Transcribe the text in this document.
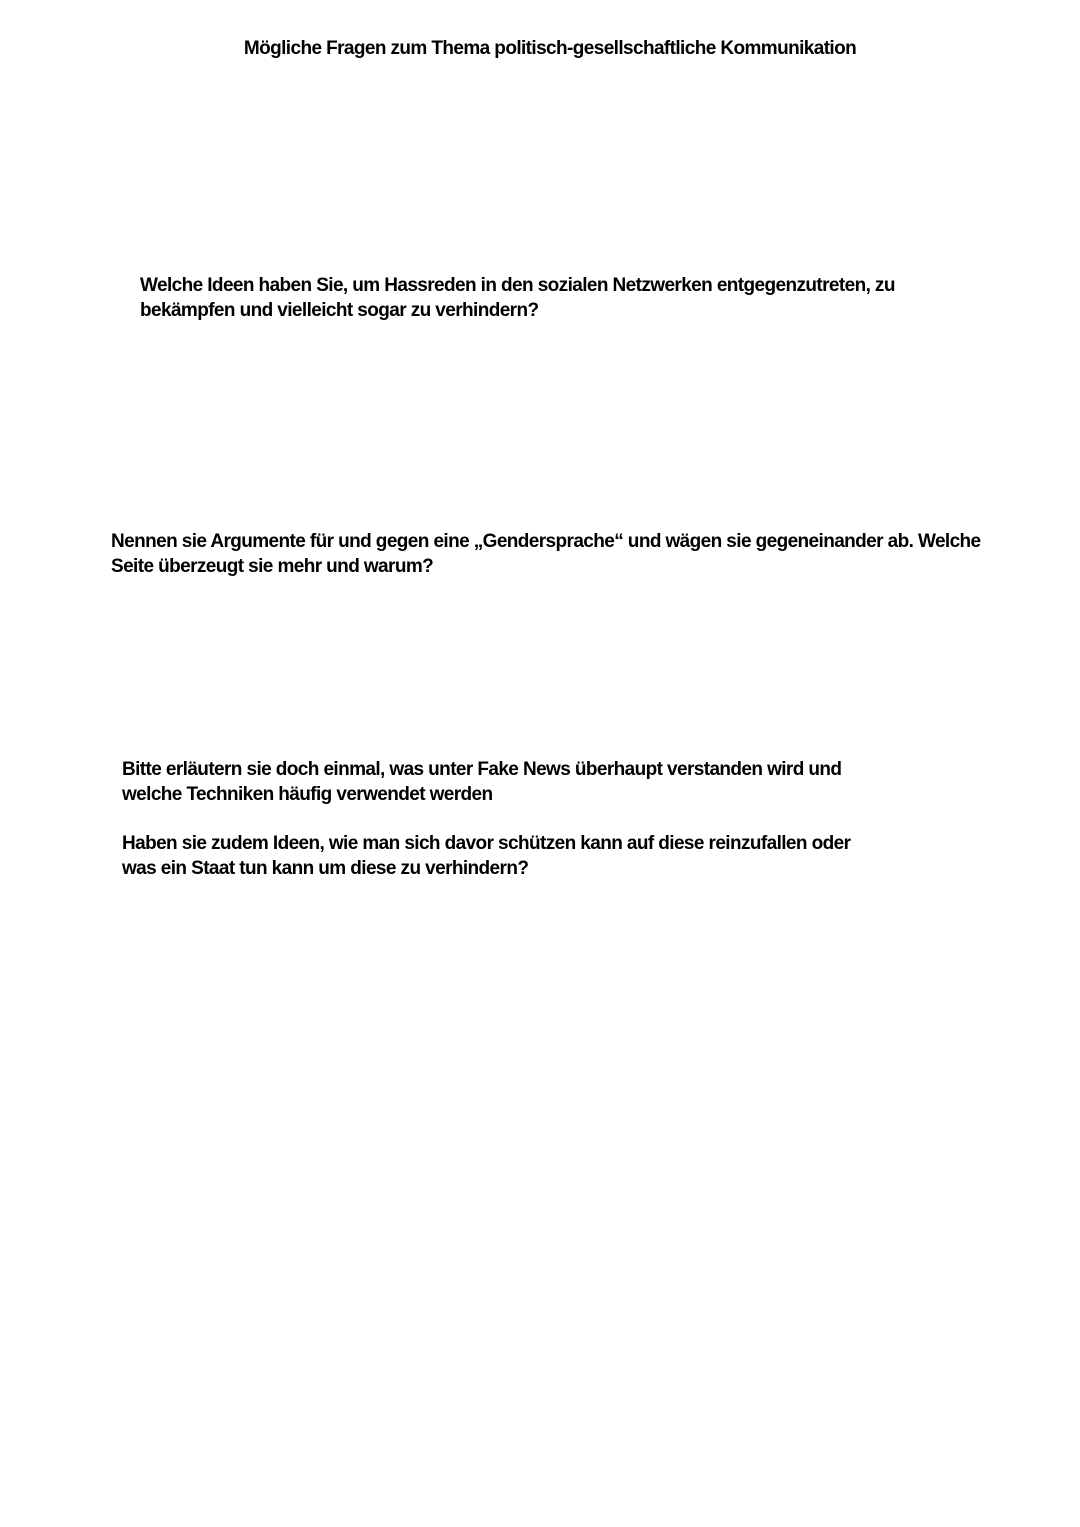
Mögliche Fragen zum Thema politisch-gesellschaftliche Kommunikation

Welche Ideen haben Sie, um Hassreden in den sozialen Netzwerken entgegenzutreten, zu
bekämpfen und vielleicht sogar zu verhindern?

Nennen sie Argumente für und gegen eine „Gendersprache“ und wägen sie gegeneinander ab. Welche
Seite überzeugt sie mehr und warum?

Bitte erläutern sie doch einmal, was unter Fake News überhaupt verstanden wird und
welche Techniken häufig verwendet werden

Haben sie zudem Ideen, wie man sich davor schützen kann auf diese reinzufallen oder
was ein Staat tun kann um diese zu verhindern?
